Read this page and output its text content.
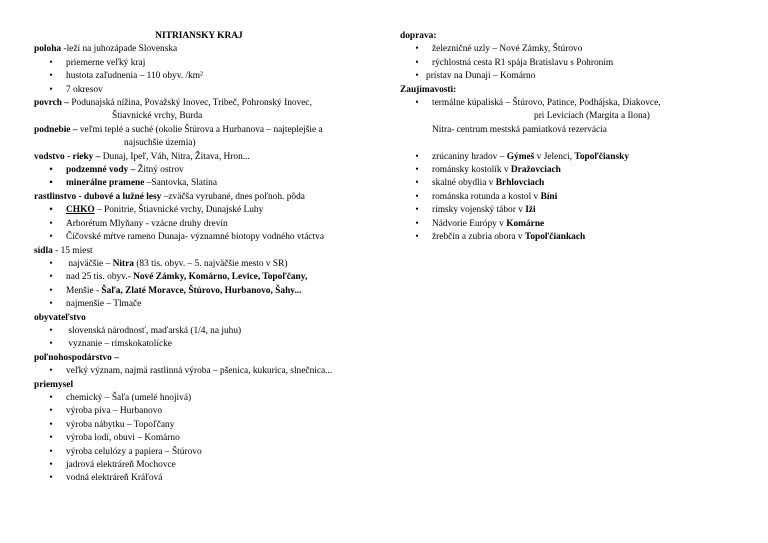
NITRIANSKY KRAJ
poloha -leží na juhozápade Slovenska
• priemerne veľký kraj
• hustota zaľudnenia – 110 obyv. /km²
• 7 okresov
povrch – Podunajská nížina, Považský Inovec, Tribeč, Pohronský Inovec,
Štiavnické vrchy, Burda
podnebie – veľmi teplé a suché (okolie Štúrova a Hurbanova – najteplejšie a
najsuchšie územia)
vodstvo - rieky – Dunaj, Ipeľ, Váh, Nitra, Žitava, Hron...
• podzemné vody – Žitný ostrov
• minerálne pramene –Santovka, Slatina
rastlinstvo - dubové a lužné lesy –zväčša vyrubané, dnes poľnoh. pôda
• CHKO – Ponitrie, Štiavnické vrchy, Dunajské Luhy
• Arborétum Mlyňany - vzácne druhy drevín
• Číčovské mŕtve rameno Dunaja- významné biotopy vodného vtáctva
sídla - 15 miest
• najväčšie – Nitra (83 tis. obyv. – 5. najväčšie mesto v SR)
• nad 25 tis. obyv.- Nové Zámky, Komárno, Levice, Topoľčany,
• Menšie - Šaľa, Zlaté Moravce, Štúrovo, Hurbanovo, Šahy...
• najmenšie – Tlmače
obyvateľstvo
• slovenská národnosť, maďarská (1/4, na juhu)
• vyznanie – rímskokatolícke
poľnohospodárstvo –
• veľký význam, najmä rastlinná výroba – pšenica, kukurica, slnečnica...
priemysel
• chemický – Šaľa (umelé hnojivá)
• výroba piva – Hurbanovo
• výroba nábytku – Topoľčany
• výroba lodí, obuvi – Komárno
• výroba celulózy a papiera – Štúrovo
• jadrová elektráreň Mochovce
• vodná elektráreň Kráľová
doprava:
• železničné uzly – Nové Zámky, Štúrovo
• rýchlostná cesta R1 spája Bratislavu s Pohroním
• prístav na Dunaji – Komárno
Zaujímavosti:
• termálne kúpaliská – Štúrovo, Patince, Podhájska, Diakovce,
pri Leviciach (Margita a Ilona)
Nitra- centrum mestská pamiatková rezervácia

• zrúcaniny hradov – Gýmeš v Jelenci, Topoľčiansky
• románsky kostolík v Dražovciach
• skalné obydlia v Brhlovciach
• románska rotunda a kostol v Bíni
• rímsky vojenský tábor v Iži
• Nádvorie Európy v Komárne
• žrebčín a zubria obora v Topoľčiankach
